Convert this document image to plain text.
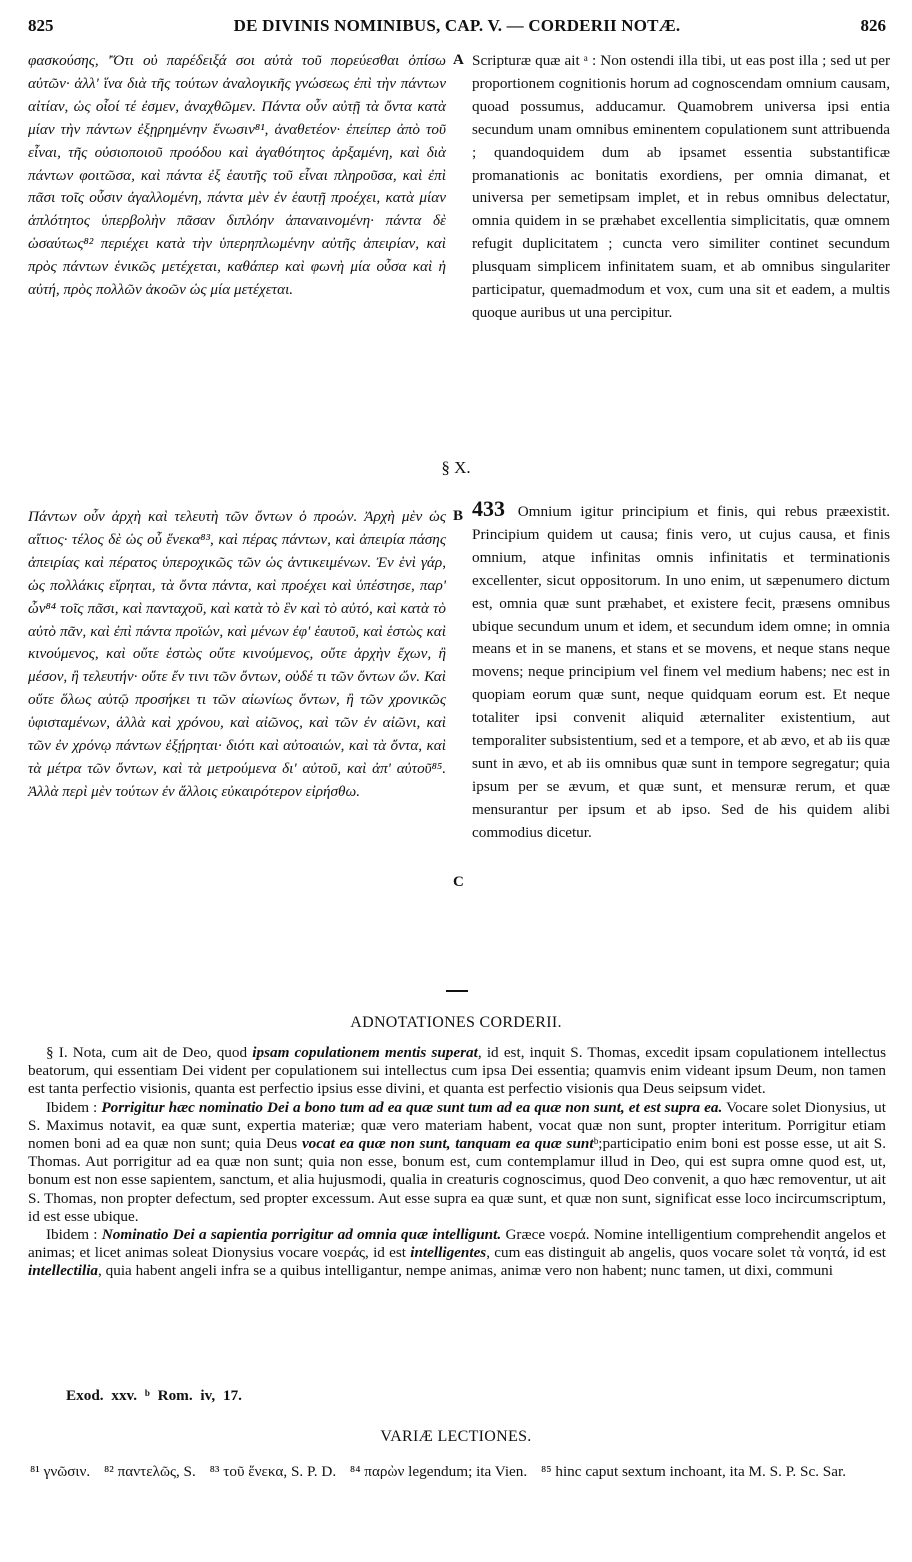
825	DE DIVINIS NOMINIBUS, CAP. V. — CORDERII NOTÆ.	826

φασκούσης, 'Ὅτι οὐ παρέδειξά σοι αὐτὰ τοῦ πορεύεσθαι ὀπίσω αὐτῶν· ἀλλ' ἵνα διὰ τῆς τούτων ἀναλογικῆς γνώσεως ἐπὶ τὴν πάντων αἰτίαν, ὡς οἷοί τέ ἐσμεν, ἀναχθῶμεν. Πάντα οὖν αὐτῇ τὰ ὄντα κατὰ μίαν τὴν πάντων ἐξῃρημένην ἕνωσιν⁸¹, ἀναθετέον· ἐπείπερ ἀπὸ τοῦ εἶναι, τῆς οὐσιοποιοῦ προόδου καὶ ἀγαθότητος ἀρξαμένη, καὶ διὰ πάντων φοιτῶσα, καὶ πάντα ἐξ ἑαυτῆς τοῦ εἶναι πληροῦσα, καὶ ἐπὶ πᾶσι τοῖς οὖσιν ἀγαλλομένη, πάντα μὲν ἐν ἑαυτῇ προέχει, κατὰ μίαν ἁπλότητος ὑπερβολὴν πᾶσαν διπλόην ἀπαναινομένη· πάντα δὲ ὡσαύτως⁸² περιέχει κατὰ τὴν ὑπερηπλωμένην αὐτῆς ἀπειρίαν, καὶ πρὸς πάντων ἑνικῶς μετέχεται, καθάπερ καὶ φωνὴ μία οὖσα καὶ ἡ αὐτή, πρὸς πολλῶν ἀκοῶν ὡς μία μετέχεται.

A Scripturæ quæ ait ᵃ : Non ostendi illa tibi, ut eas post illa ; sed ut per proportionem cognitionis horum ad cognoscendam omnium causam, quoad possumus, adducamur. Quamobrem universa ipsi entia secundum unam omnibus eminentem copulationem sunt attribuenda ; quandoquidem dum ab ipsamet essentia substantificæ promanationis ac bonitatis exordiens, per omnia dimanat, et universa per semetipsam implet, et in rebus omnibus delectatur, omnia quidem in se præhabet excellentia simplicitatis, quæ omnem refugit duplicitatem ; cuncta vero similiter continet secundum plusquam simplicem infinitatem suam, et ab omnibus singulariter participatur, quemadmodum et vox, cum una sit et eadem, a multis quoque auribus ut una percipitur.

§ X.

Πάντων οὖν ἀρχὴ καὶ τελευτὴ τῶν ὄντων ὁ προών. Ἀρχὴ μὲν ὡς αἴτιος· τέλος δὲ ὡς οὗ ἕνεκα⁸³, καὶ πέρας πάντων, καὶ ἀπειρία πάσης ἀπειρίας καὶ πέρατος ὑπεροχικῶς τῶν ὡς ἀντικειμένων. Ἐν ἑνὶ γάρ, ὡς πολλάκις εἴρηται, τὰ ὄντα πάντα, καὶ προέχει καὶ ὑπέστησε, παρ' ὧν⁸⁴ τοῖς πᾶσι, καὶ πανταχοῦ, καὶ κατὰ τὸ ἓν καὶ τὸ αὐτό, καὶ κατὰ τὸ αὐτὸ πᾶν, καὶ ἐπὶ πάντα προϊών, καὶ μένων ἐφ' ἑαυτοῦ, καὶ ἑστὼς καὶ κινούμενος, καὶ οὔτε ἑστὼς οὔτε κινούμενος, οὔτε ἀρχὴν ἔχων, ἢ μέσον, ἢ τελευτήν· οὔτε ἔν τινι τῶν ὄντων, οὐδέ τι τῶν ὄντων ὤν. Καὶ οὔτε ὅλως αὐτῷ προσήκει τι τῶν αἰωνίως ὄντων, ἢ τῶν χρονικῶς ὑφισταμένων, ἀλλὰ καὶ χρόνου, καὶ αἰῶνος, καὶ τῶν ἐν αἰῶνι, καὶ τῶν ἐν χρόνῳ πάντων ἐξῄρηται· διότι καὶ αὐτοαιών, καὶ τὰ ὄντα, καὶ τὰ μέτρα τῶν ὄντων, καὶ τὰ μετρούμενα δι' αὐτοῦ, καὶ ἀπ' αὐτοῦ⁸⁵. Ἀλλὰ περὶ μὲν τούτων ἐν ἄλλοις εὐκαιρότερον εἰρήσθω.

B
C
433 Omnium igitur principium et finis, qui rebus præexistit. Principium quidem ut causa; finis vero, ut cujus causa, et finis omnium, atque infinitas omnis infinitatis et terminationis excellenter, sicut oppositorum. In uno enim, ut sæpenumero dictum est, omnia quæ sunt præhabet, et existere fecit, præsens omnibus ubique secundum unum et idem, et secundum idem omne; in omnia means et in se manens, et stans et se movens, et neque stans neque movens; neque principium vel finem vel medium habens; nec est in quopiam eorum quæ sunt, neque quidquam eorum est. Et neque totaliter ipsi convenit aliquid æternaliter existentium, aut temporaliter subsistentium, sed et a tempore, et ab ævo, et ab iis quæ sunt in ævo, et ab iis omnibus quæ sunt in tempore segregatur; quia ipsum per se ævum, et quæ sunt, et mensuræ rerum, et quæ mensurantur per ipsum et ab ipso. Sed de his quidem alibi commodius dicetur.
ADNOTATIONES CORDERII.

§ I. Nota, cum ait de Deo, quod ipsam copulationem mentis superat, id est, inquit S. Thomas, excedit ipsam copulationem intellectus beatorum, qui essentiam Dei vident per copulationem sui intellectus cum ipsa Dei essentia; quamvis enim videant ipsum Deum, non tamen est tanta perfectio visionis, quanta est perfectio ipsius esse divini, et quanta est perfectio visionis qua Deus seipsum videt.

Ibidem : Porrigitur hæc nominatio Dei a bono tum ad ea quæ sunt tum ad ea quæ non sunt, et est supra ea. Vocare solet Dionysius, ut S. Maximus notavit, ea quæ sunt, expertia materiæ; quæ vero materiam habent, vocat quæ non sunt, propter interitum. Porrigitur etiam nomen boni ad ea quæ non sunt; quia Deus vocat ea quæ non sunt, tanquam ea quæ suntᵇ;participatio enim boni est posse esse, ut ait S. Thomas. Aut porrigitur ad ea quæ non sunt; quia non esse, bonum est, cum contemplamur illud in Deo, qui est supra omne quod est, ut, bonum est non esse sapientem, sanctum, et alia hujusmodi, qualia in creaturis cognoscimus, quod Deo convenit, a quo hæc removentur, ut ait S. Thomas, non propter defectum, sed propter excessum. Aut esse supra ea quæ sunt, et quæ non sunt, significat esse loco incircumscriptum, id est esse ubique.

Ibidem : Nominatio Dei a sapientia porrigitur ad omnia quæ intelligunt. Græce νοερά. Nomine intelligentium comprehendit angelos et animas; et licet animas soleat Dionysius vocare νοεράς, id est intelligentes, cum eas distinguit ab angelis, quos vocare solet τὰ νοητά, id est intellectilia, quia habent angeli infra se a quibus intelligantur, nempe animas, animæ vero non habent; nunc tamen, ut dixi, communi

Exod. xxv. ᵇ Rom. iv, 17.
VARIÆ LECTIONES.
⁸¹ γνῶσιν. ⁸² παντελῶς, S. ⁸³ τοῦ ἕνεκα, S. P. D. ⁸⁴ παρὼν legendum; ita Vien. ⁸⁵ hinc caput sextum inchoant, ita M. S. P. Sc. Sar.
